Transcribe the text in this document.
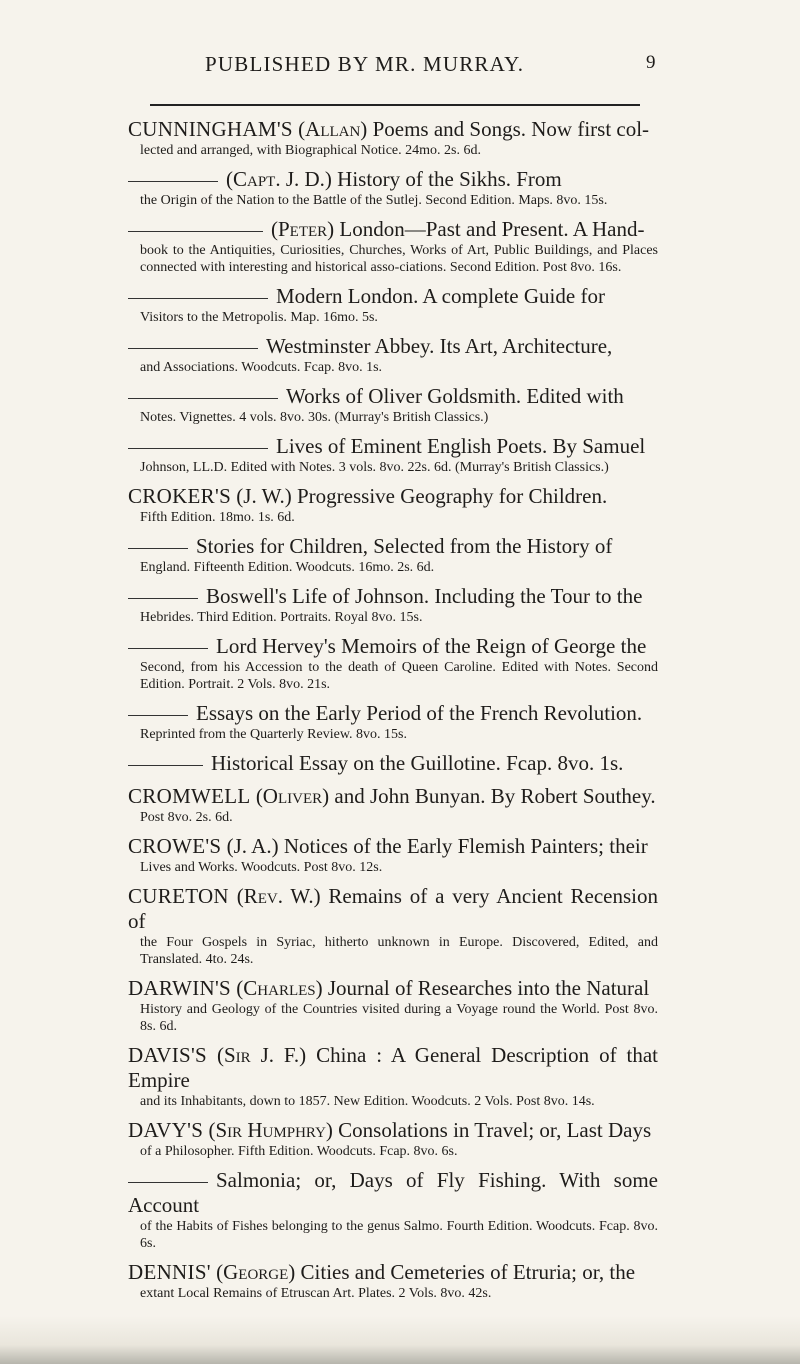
PUBLISHED BY MR. MURRAY.	9
CUNNINGHAM'S (Allan) Poems and Songs. Now first col-
lected and arranged, with Biographical Notice. 24mo. 2s. 6d.
(Capt. J. D.) History of the Sikhs. From
the Origin of the Nation to the Battle of the Sutlej. Second Edition. Maps. 8vo. 15s.
(Peter) London—Past and Present. A Hand-
book to the Antiquities, Curiosities, Churches, Works of Art, Public Buildings, and Places connected with interesting and historical asso-ciations. Second Edition. Post 8vo. 16s.
Modern London. A complete Guide for
Visitors to the Metropolis. Map. 16mo. 5s.
Westminster Abbey. Its Art, Architecture,
and Associations. Woodcuts. Fcap. 8vo. 1s.
Works of Oliver Goldsmith. Edited with
Notes. Vignettes. 4 vols. 8vo. 30s. (Murray's British Classics.)
Lives of Eminent English Poets. By Samuel
Johnson, LL.D. Edited with Notes. 3 vols. 8vo. 22s. 6d. (Murray's British Classics.)
CROKER'S (J. W.) Progressive Geography for Children.
Fifth Edition. 18mo. 1s. 6d.
Stories for Children, Selected from the History of
England. Fifteenth Edition. Woodcuts. 16mo. 2s. 6d.
Boswell's Life of Johnson. Including the Tour to the
Hebrides. Third Edition. Portraits. Royal 8vo. 15s.
Lord Hervey's Memoirs of the Reign of George the
Second, from his Accession to the death of Queen Caroline. Edited with Notes. Second Edition. Portrait. 2 Vols. 8vo. 21s.
Essays on the Early Period of the French Revolution.
Reprinted from the Quarterly Review. 8vo. 15s.
Historical Essay on the Guillotine. Fcap. 8vo. 1s.
CROMWELL (Oliver) and John Bunyan. By Robert Southey.
Post 8vo. 2s. 6d.
CROWE'S (J. A.) Notices of the Early Flemish Painters; their
Lives and Works. Woodcuts. Post 8vo. 12s.
CURETON (Rev. W.) Remains of a very Ancient Recension of
the Four Gospels in Syriac, hitherto unknown in Europe. Discovered, Edited, and Translated. 4to. 24s.
DARWIN'S (Charles) Journal of Researches into the Natural
History and Geology of the Countries visited during a Voyage round the World. Post 8vo. 8s. 6d.
DAVIS'S (Sir J. F.) China : A General Description of that Empire
and its Inhabitants, down to 1857. New Edition. Woodcuts. 2 Vols. Post 8vo. 14s.
DAVY'S (Sir Humphry) Consolations in Travel; or, Last Days
of a Philosopher. Fifth Edition. Woodcuts. Fcap. 8vo. 6s.
Salmonia; or, Days of Fly Fishing. With some Account
of the Habits of Fishes belonging to the genus Salmo. Fourth Edition. Woodcuts. Fcap. 8vo. 6s.
DENNIS' (George) Cities and Cemeteries of Etruria; or, the
extant Local Remains of Etruscan Art. Plates. 2 Vols. 8vo. 42s.
